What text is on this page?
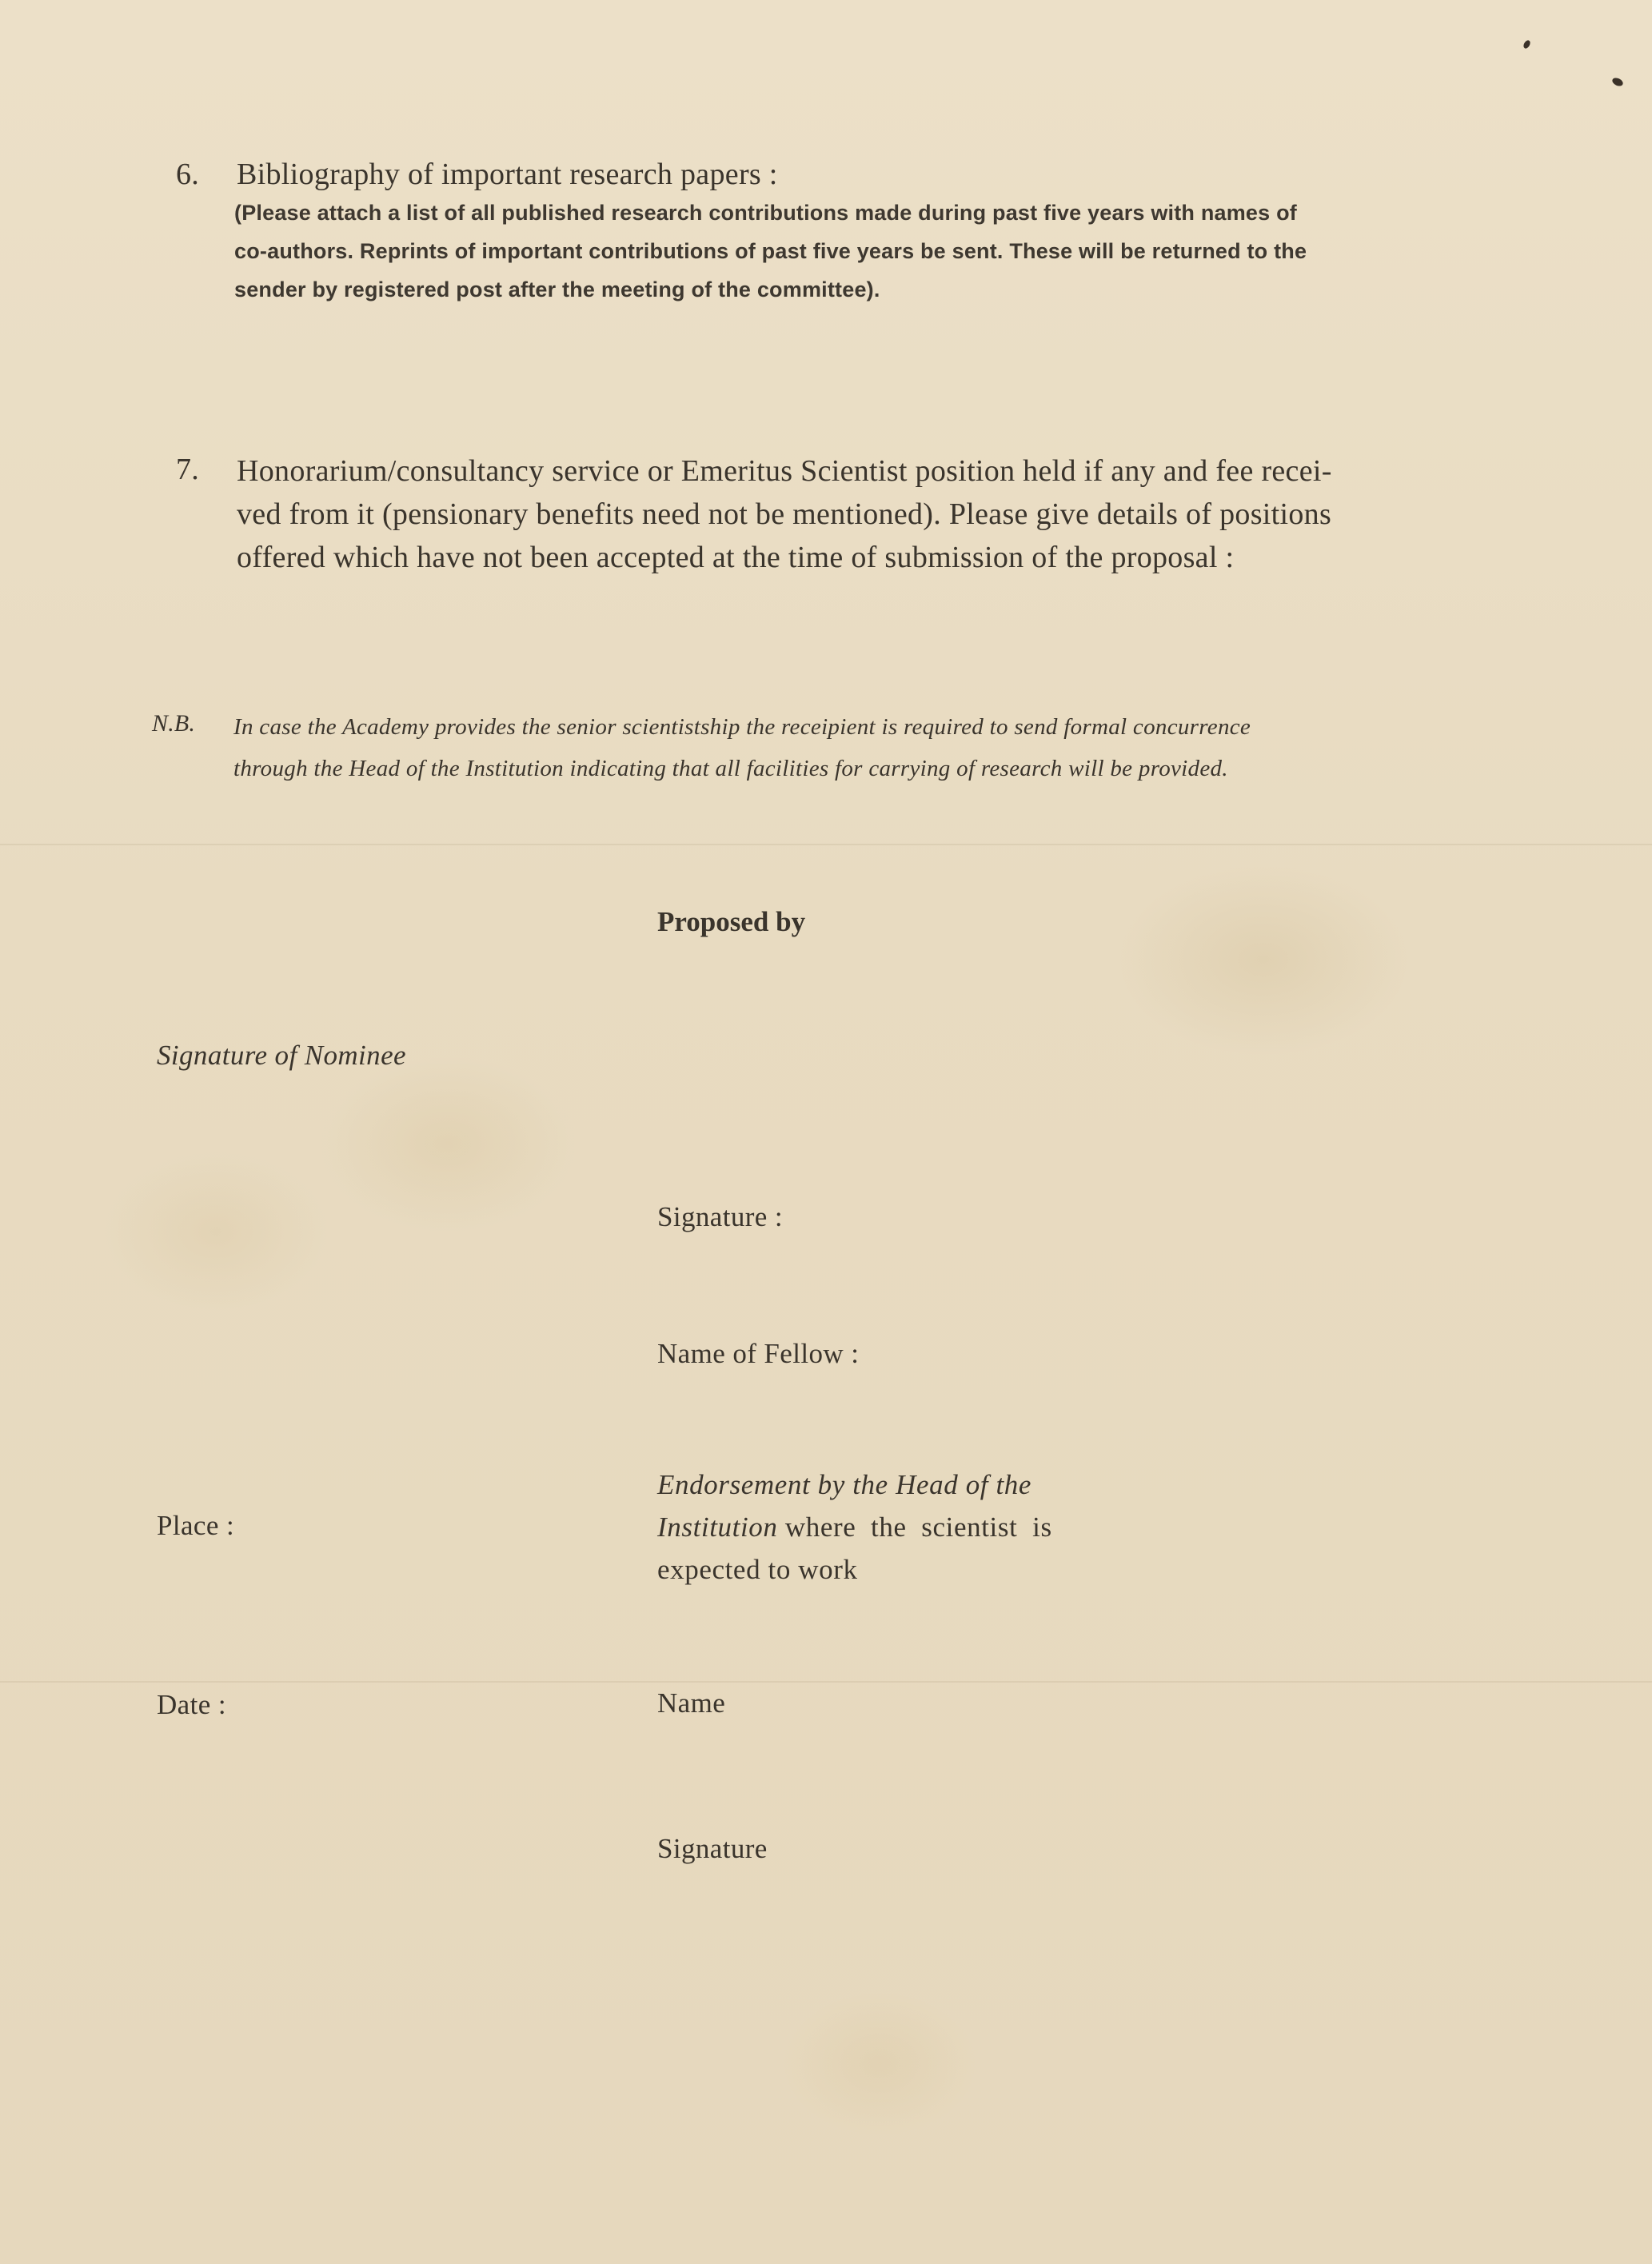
6. Bibliography of important research papers :
(Please attach a list of all published research contributions made during past five years with names of
co-authors. Reprints of important contributions of past five years be sent. These will be returned to the
sender by registered post after the meeting of the committee).
7. Honorarium/consultancy service or Emeritus Scientist position held if any and fee recei-
ved from it (pensionary benefits need not be mentioned). Please give details of positions
offered which have not been accepted at the time of submission of the proposal :
N.B. In case the Academy provides the senior scientistship the receipient is required to send formal concurrence
through the Head of the Institution indicating that all facilities for carrying of research will be provided.
Proposed by
Signature of Nominee
Place :
Date :
Signature :
Name of Fellow :
Endorsement by the Head of the
Institution where  the  scientist  is
expected to work
Name
Signature
